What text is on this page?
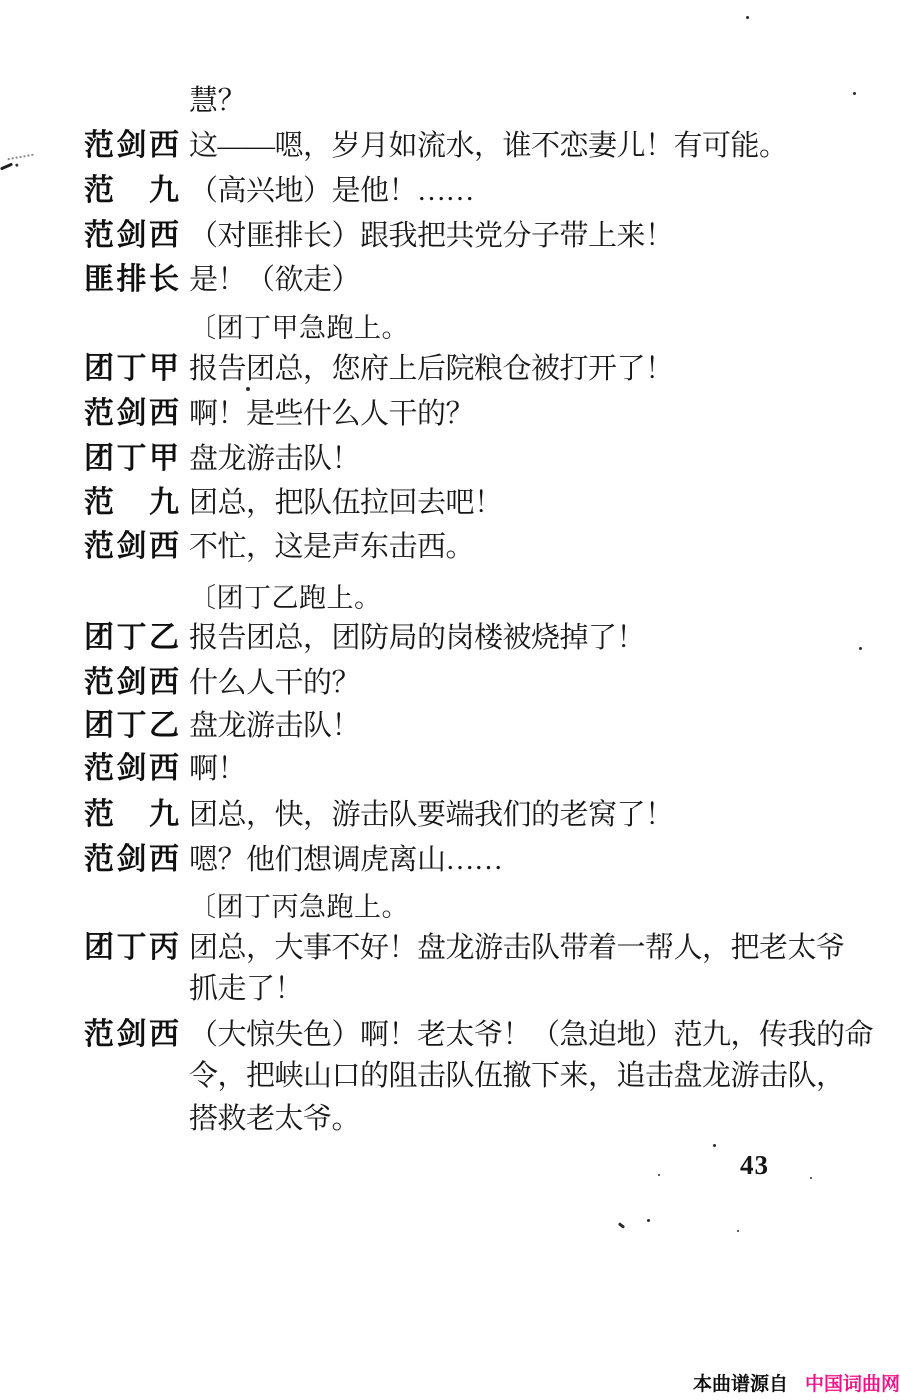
慧？
范剑西 这——嗯，岁月如流水，谁不恋妻儿！有可能。
范九 （高兴地）是他！……
范剑西 （对匪排长）跟我把共党分子带上来！
匪排长 是！（欲走）
〔团丁甲急跑上。
团丁甲 报告团总，您府上后院粮仓被打开了！
范剑西 啊！是些什么人干的？
团丁甲 盘龙游击队！
范九 团总，把队伍拉回去吧！
范剑西 不忙，这是声东击西。
〔团丁乙跑上。
团丁乙 报告团总，团防局的岗楼被烧掉了！
范剑西 什么人干的？
团丁乙 盘龙游击队！
范剑西 啊！
范九 团总，快，游击队要端我们的老窝了！
范剑西 嗯？他们想调虎离山……
〔团丁丙急跑上。
团丁丙 团总，大事不好！盘龙游击队带着一帮人，把老太爷
抓走了！
范剑西 （大惊失色）啊！老太爷！（急迫地）范九，传我的命
令，把峡山口的阻击队伍撤下来，追击盘龙游击队，
搭救老太爷。
43
本曲谱源自 中国词曲网
